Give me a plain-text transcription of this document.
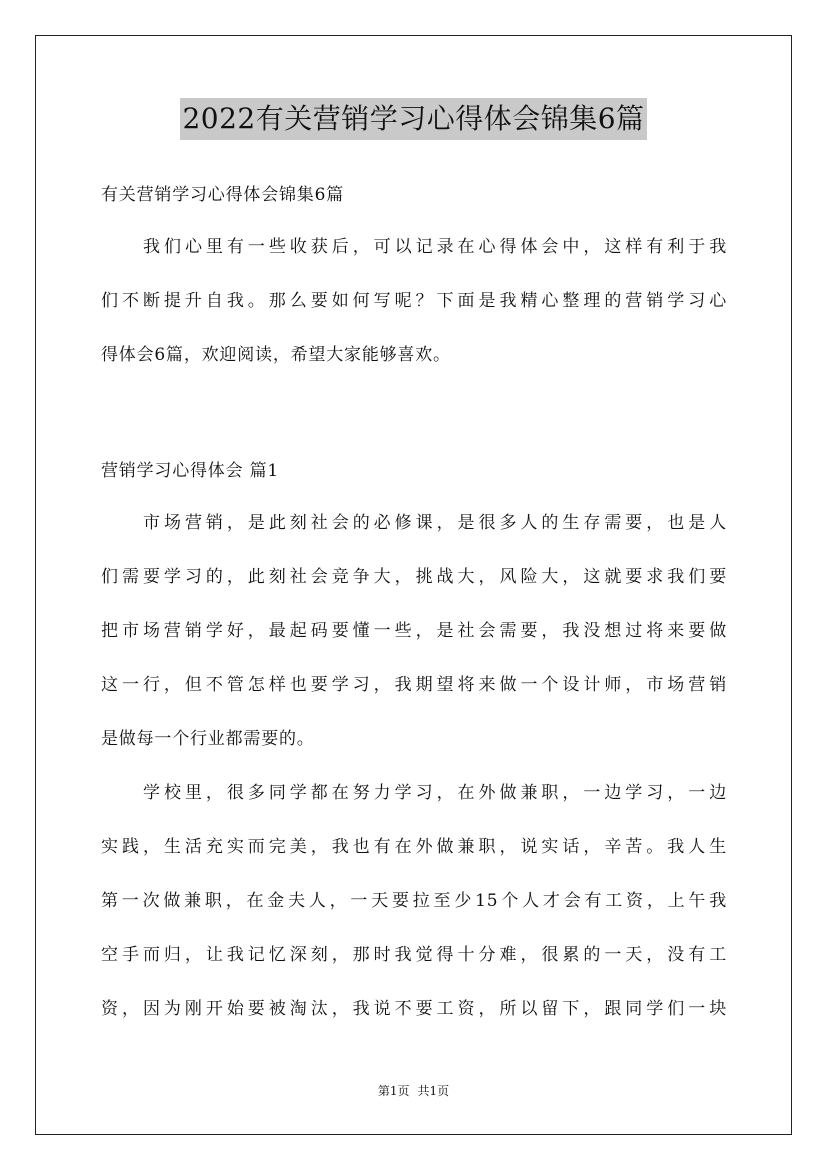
2022有关营销学习心得体会锦集6篇
有关营销学习心得体会锦集6篇
我们心里有一些收获后，可以记录在心得体会中，这样有利于我
们不断提升自我。那么要如何写呢？下面是我精心整理的营销学习心
得体会6篇，欢迎阅读，希望大家能够喜欢。
营销学习心得体会 篇1
市场营销，是此刻社会的必修课，是很多人的生存需要，也是人
们需要学习的，此刻社会竞争大，挑战大，风险大，这就要求我们要
把市场营销学好，最起码要懂一些，是社会需要，我没想过将来要做
这一行，但不管怎样也要学习，我期望将来做一个设计师，市场营销
是做每一个行业都需要的。
学校里，很多同学都在努力学习，在外做兼职，一边学习，一边
实践，生活充实而完美，我也有在外做兼职，说实话，辛苦。我人生
第一次做兼职，在金夫人，一天要拉至少15个人才会有工资，上午我
空手而归，让我记忆深刻，那时我觉得十分难，很累的一天，没有工
资，因为刚开始要被淘汰，我说不要工资，所以留下，跟同学们一块
第1页 共1页
